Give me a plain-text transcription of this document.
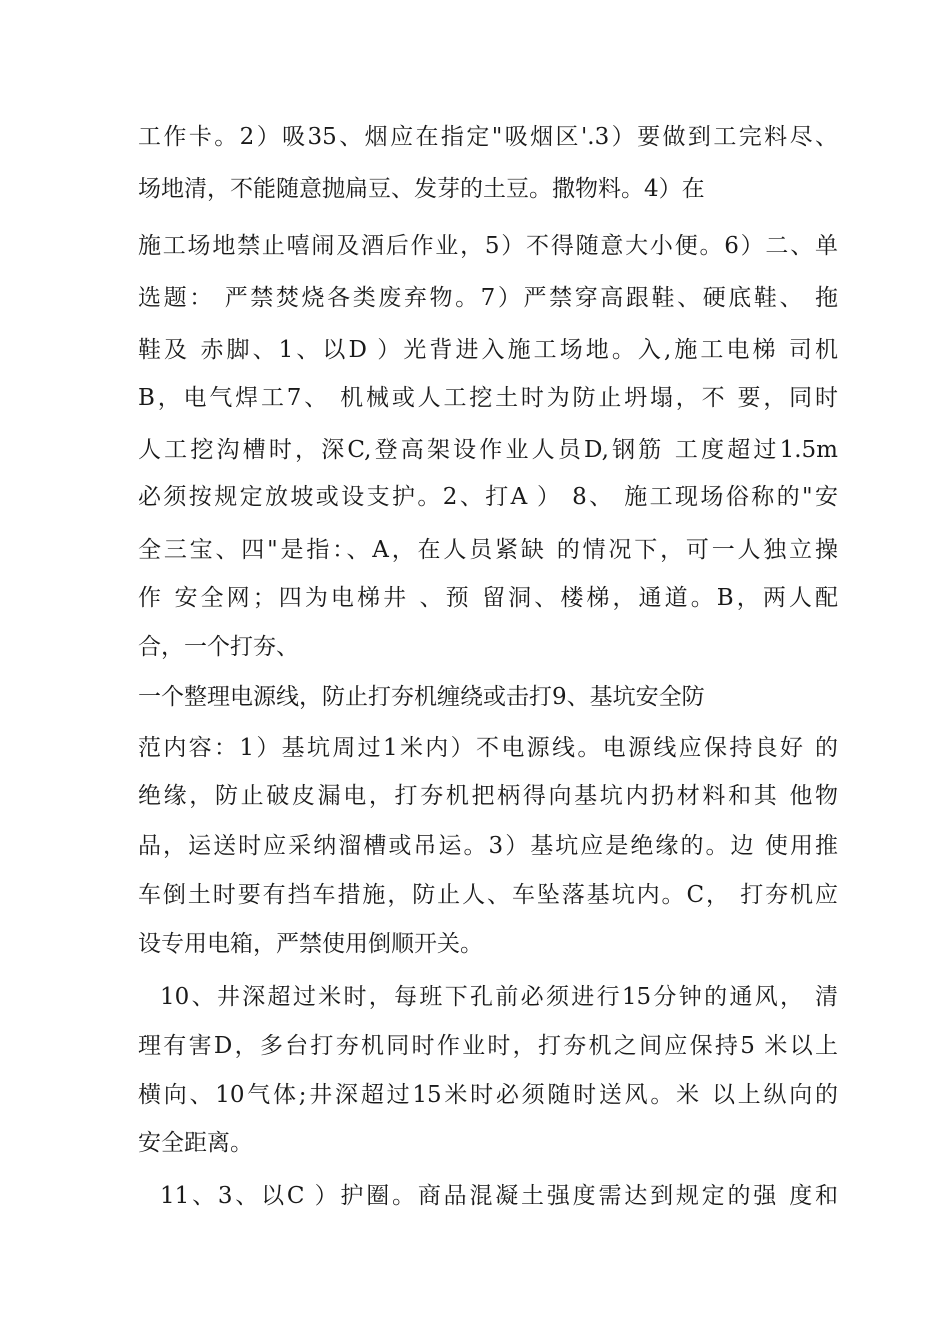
工作卡。2）吸35、烟应在指定"吸烟区'.3）要做到工完料尽、
场地清，不能随意抛扁豆、发芽的土豆。撒物料。4）在
施工场地禁止嘻闹及酒后作业，5）不得随意大小便。6）二、单
选题： 严禁焚烧各类废弃物。7）严禁穿高跟鞋、硬底鞋、 拖
鞋及 赤脚、1、以D ）光背进入施工场地。入,施工电梯 司机
B，电气焊工7、 机械或人工挖土时为防止坍塌，不 要，同时
人工挖沟槽时，深C,登高架设作业人员D,钢筋 工度超过1.5m
必须按规定放坡或设支护。2、打A ） 8、 施工现场俗称的"安
全三宝、四"是指：、A，在人员紧缺 的情况下，可一人独立操
作 安全网；四为电梯井 、预 留洞、楼梯，通道。B，两人配
合，一个打夯、
一个整理电源线，防止打夯机缠绕或击打9、基坑安全防
范内容：1）基坑周过1米内）不电源线。电源线应保持良好 的
绝缘，防止破皮漏电，打夯机把柄得向基坑内扔材料和其 他物
品，运送时应采纳溜槽或吊运。3）基坑应是绝缘的。边 使用推
车倒土时要有挡车措施，防止人、车坠落基坑内。C， 打夯机应
设专用电箱，严禁使用倒顺开关。
10、井深超过米时，每班下孔前必须进行15分钟的通风， 清
理有害D，多台打夯机同时作业时，打夯机之间应保持5 米以上
横向、10气体;井深超过15米时必须随时送风。米 以上纵向的
安全距离。
11、3、以C ）护圈。商品混凝土强度需达到规定的强 度和
